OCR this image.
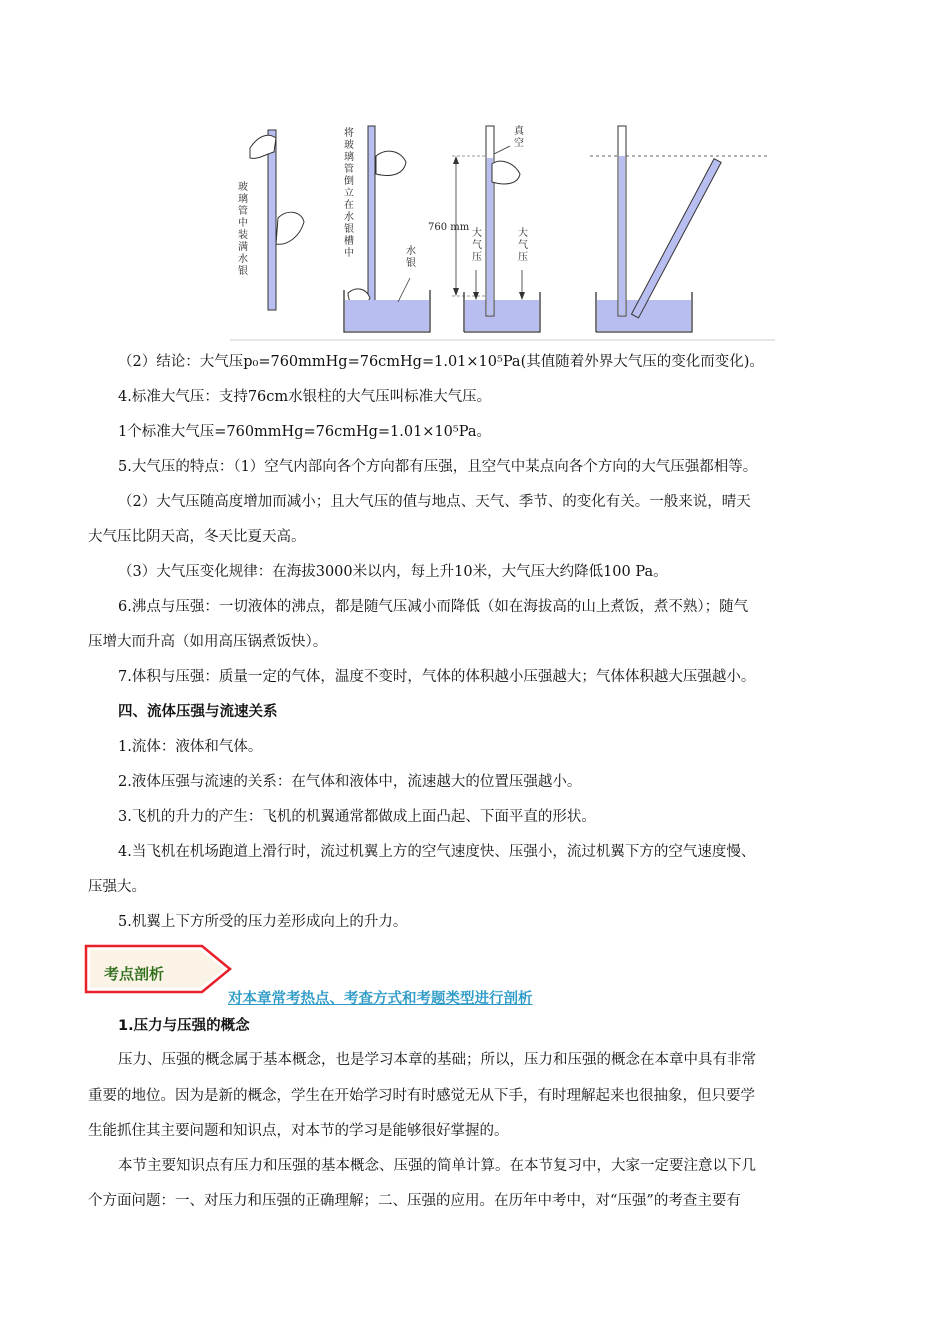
玻璃管中装满水银
将玻璃管倒立在水银槽中	水银
760 mm
真空
大气压
大气压
（2）结论：大气压p₀=760mmHg=76cmHg=1.01×10⁵Pa(其值随着外界大气压的变化而变化)。
4.标准大气压：支持76cm水银柱的大气压叫标准大气压。
1个标准大气压=760mmHg=76cmHg=1.01×10⁵Pa。
5.大气压的特点：（1）空气内部向各个方向都有压强，且空气中某点向各个方向的大气压强都相等。
（2）大气压随高度增加而减小；且大气压的值与地点、天气、季节、的变化有关。一般来说，晴天
大气压比阴天高，冬天比夏天高。
（3）大气压变化规律：在海拔3000米以内，每上升10米，大气压大约降低100 Pa。
6.沸点与压强：一切液体的沸点，都是随气压减小而降低（如在海拔高的山上煮饭，煮不熟）；随气
压增大而升高（如用高压锅煮饭快）。
7.体积与压强：质量一定的气体，温度不变时，气体的体积越小压强越大；气体体积越大压强越小。
四、流体压强与流速关系
1.流体：液体和气体。
2.液体压强与流速的关系：在气体和液体中，流速越大的位置压强越小。
3.飞机的升力的产生：飞机的机翼通常都做成上面凸起、下面平直的形状。
4.当飞机在机场跑道上滑行时，流过机翼上方的空气速度快、压强小，流过机翼下方的空气速度慢、
压强大。
5.机翼上下方所受的压力差形成向上的升力。
考点剖析
对本章常考热点、考查方式和考题类型进行剖析
1.压力与压强的概念
压力、压强的概念属于基本概念，也是学习本章的基础；所以，压力和压强的概念在本章中具有非常
重要的地位。因为是新的概念，学生在开始学习时有时感觉无从下手，有时理解起来也很抽象，但只要学
生能抓住其主要问题和知识点，对本节的学习是能够很好掌握的。
本节主要知识点有压力和压强的基本概念、压强的简单计算。在本节复习中，大家一定要注意以下几
个方面问题：一、对压力和压强的正确理解；二、压强的应用。在历年中考中，对“压强”的考查主要有
